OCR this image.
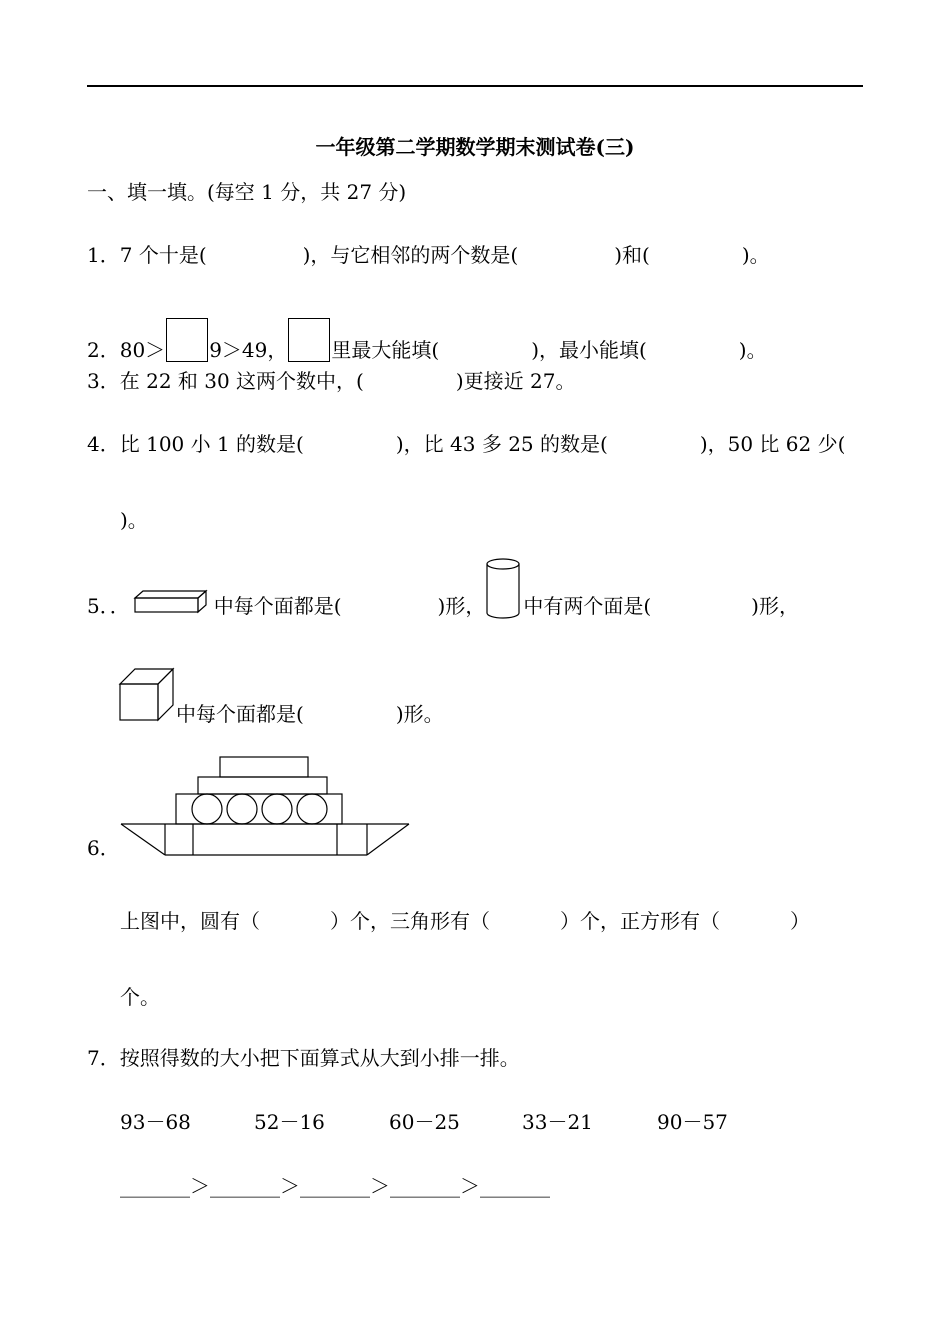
一年级第二学期数学期末测试卷(三)
一、填一填。(每空 1 分，共 27 分)
1．7 个十是(	)，与它相邻的两个数是(	)和(	)。
2．80＞ 9＞49， 里最大能填(	)，最小能填(	)。
3．在 22 和 30 这两个数中，(	)更接近 27。
4．比 100 小 1 的数是(	)，比 43 多 25 的数是(	)，50 比 62 少(
)。
5．．	中每个面都是(	)形， 中有两个面是(	)形，
中每个面都是(	)形。
6．
上图中，圆有（	）个，三角形有（	）个，正方形有（	）
个。
7．按照得数的大小把下面算式从大到小排一排。
93－68	52－16	60－25	33－21	90－57
_______＞_______＞_______＞_______＞_______
